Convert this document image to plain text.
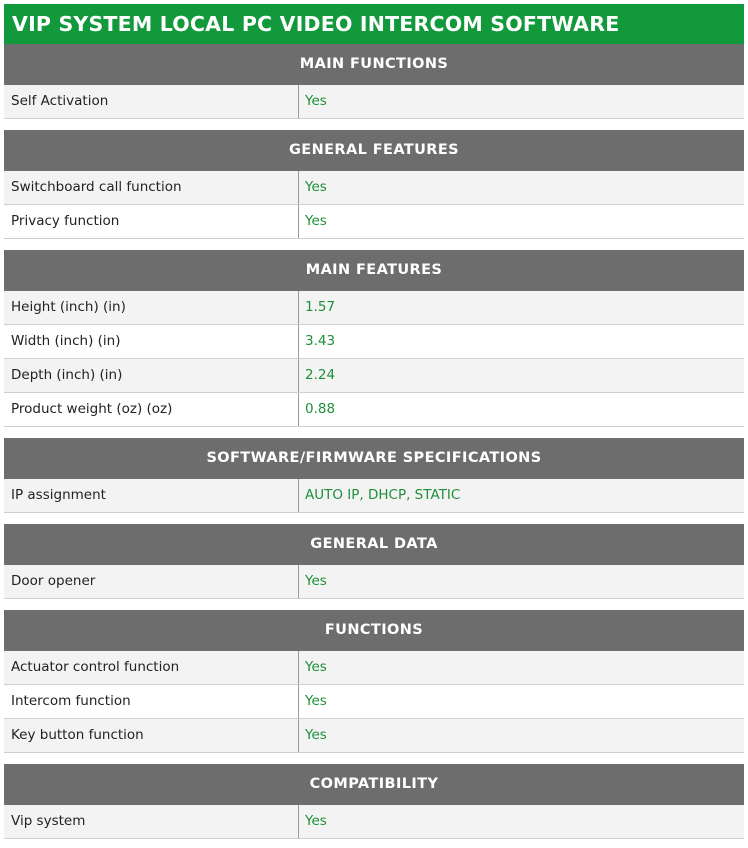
VIP SYSTEM LOCAL PC VIDEO INTERCOM SOFTWARE
MAIN FUNCTIONS
Self Activation	Yes
GENERAL FEATURES
Switchboard call function	Yes
Privacy function	Yes
MAIN FEATURES
Height (inch) (in)	1.57
Width (inch) (in)	3.43
Depth (inch) (in)	2.24
Product weight (oz) (oz)	0.88
SOFTWARE/FIRMWARE SPECIFICATIONS
IP assignment	AUTO IP, DHCP, STATIC
GENERAL DATA
Door opener	Yes
FUNCTIONS
Actuator control function	Yes
Intercom function	Yes
Key button function	Yes
COMPATIBILITY
Vip system	Yes
